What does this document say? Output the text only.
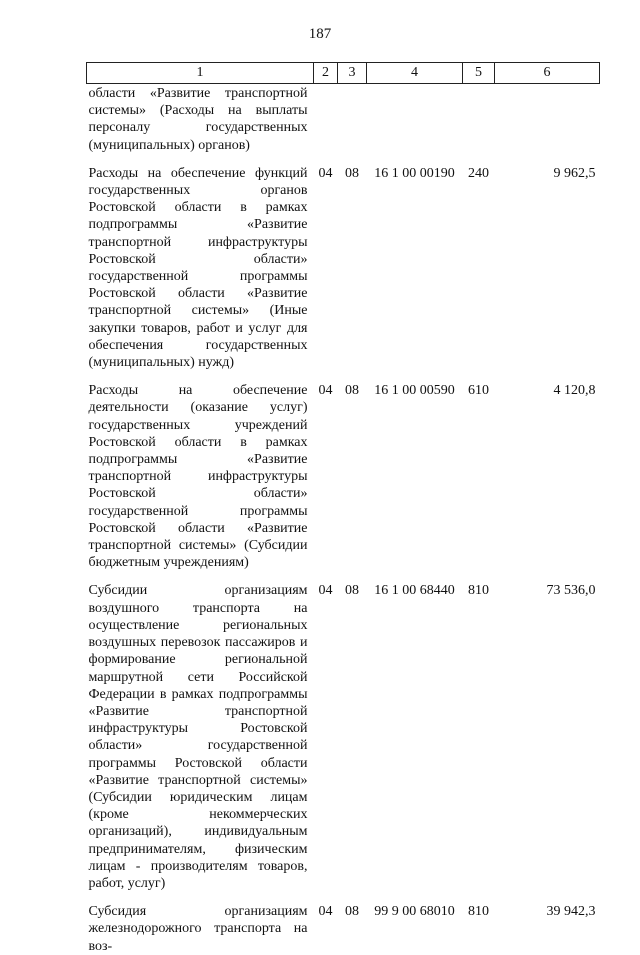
187
1	2	3	4	5	6
области «Развитие транспортной системы» (Расходы на выплаты персоналу государственных (муниципальных) органов)					
Расходы на обеспечение функций государственных органов Ростовской области в рамках подпрограммы «Развитие транспортной инфраструктуры Ростовской области» государственной программы Ростовской области «Развитие транспортной системы» (Иные закупки товаров, работ и услуг для обеспечения государственных (муниципальных) нужд)	04	08	16 1 00 00190	240	9 962,5
Расходы на обеспечение деятельности (оказание услуг) государственных учреждений Ростовской области в рамках подпрограммы «Развитие транспортной инфраструктуры Ростовской области» государственной программы Ростовской области «Развитие транспортной системы» (Субсидии бюджетным учреждениям)	04	08	16 1 00 00590	610	4 120,8
Субсидии организациям воздушного транспорта на осуществление региональных воздушных перевозок пассажиров и формирование региональной маршрутной сети Российской Федерации в рамках подпрограммы «Развитие транспортной инфраструктуры Ростовской области» государственной программы Ростовской области «Развитие транспортной системы» (Субсидии юридическим лицам (кроме некоммерческих организаций), индивидуальным предпринимателям, физическим лицам - производителям товаров, работ, услуг)	04	08	16 1 00 68440	810	73 536,0
Субсидия организациям железнодорожного транспорта на воз-	04	08	99 9 00 68010	810	39 942,3
